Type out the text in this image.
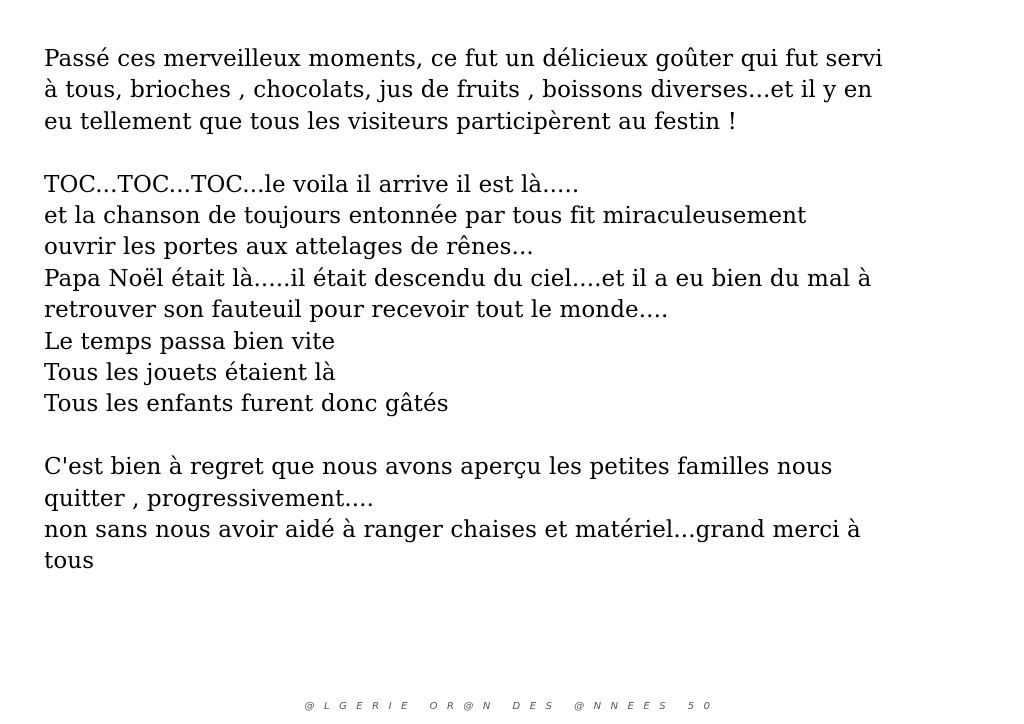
Passé ces merveilleux moments, ce fut un délicieux goûter qui fut servi
à tous, brioches , chocolats, jus de fruits , boissons diverses...et il y en
eu tellement que tous les visiteurs participèrent au festin !
TOC...TOC...TOC...le voila il arrive il est là.....
et la chanson de toujours entonnée par tous fit miraculeusement
ouvrir les portes aux attelages de rênes...
Papa Noël était là.....il était descendu du ciel....et il a eu bien du mal à
retrouver son fauteuil pour recevoir tout le monde....
Le temps passa bien vite
Tous les jouets étaient là
Tous les enfants furent donc gâtés
C'est bien à regret que nous avons aperçu les petites familles nous
quitter , progressivement....
non sans nous avoir aidé à ranger chaises et matériel...grand merci à
tous
@LGERIE OR@N DES @NNEES 50
